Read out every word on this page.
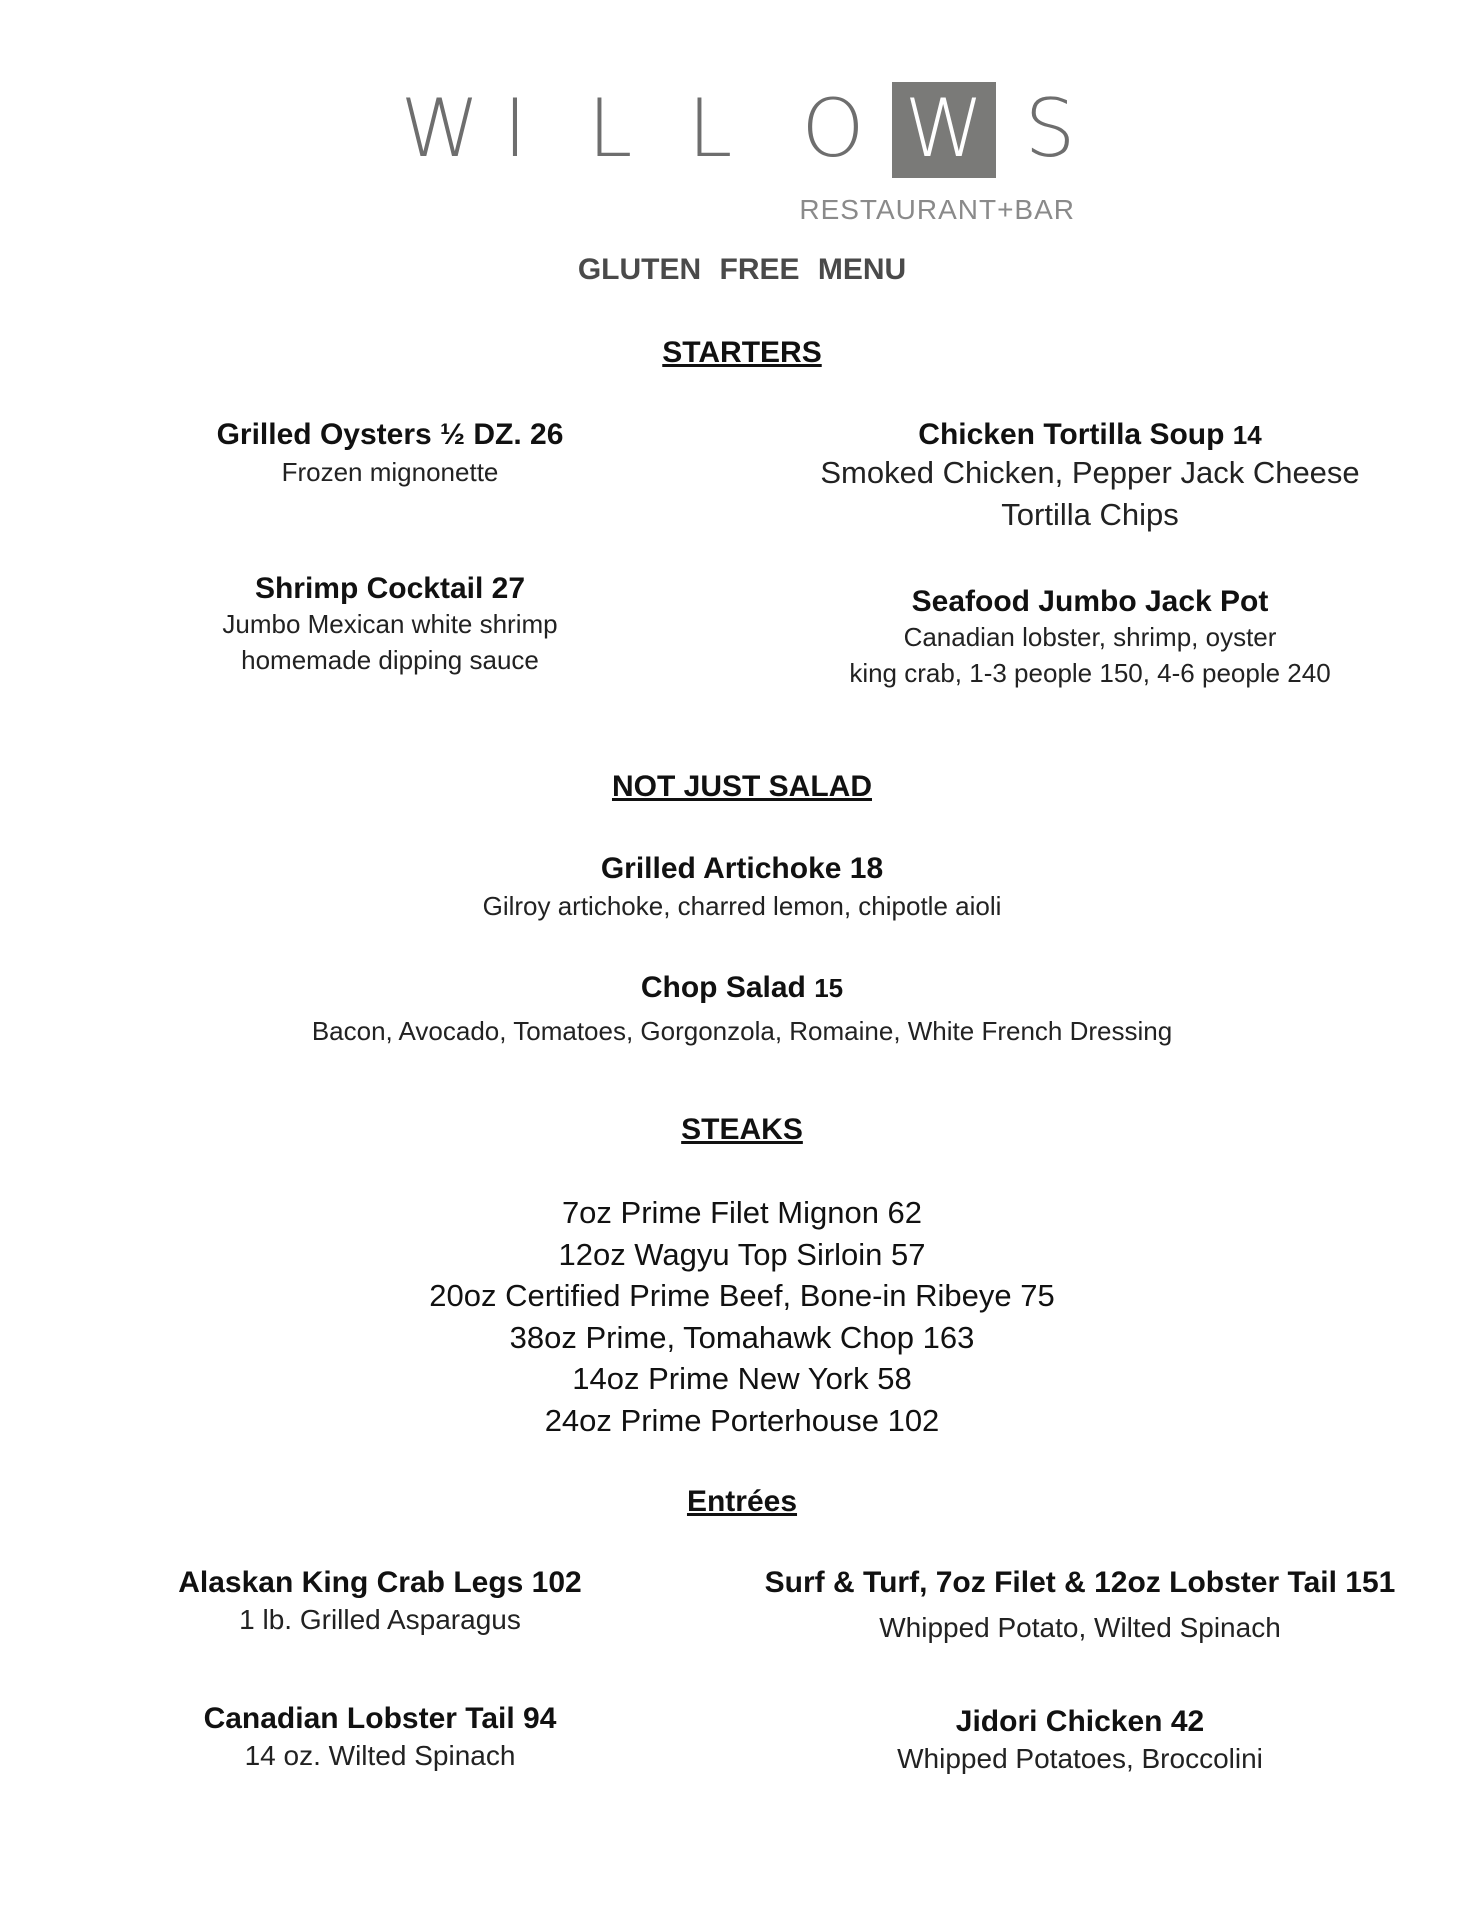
W I L L O W S
RESTAURANT+BAR
GLUTEN FREE MENU
STARTERS
Grilled Oysters ½ DZ. 26
Frozen mignonette
Chicken Tortilla Soup 14
Smoked Chicken, Pepper Jack Cheese
Tortilla Chips
Shrimp Cocktail 27
Jumbo Mexican white shrimp
homemade dipping sauce
Seafood Jumbo Jack Pot
Canadian lobster, shrimp, oyster
king crab, 1-3 people 150, 4-6 people 240
NOT JUST SALAD
Grilled Artichoke 18
Gilroy artichoke, charred lemon, chipotle aioli
Chop Salad 15
Bacon, Avocado, Tomatoes, Gorgonzola, Romaine, White French Dressing
STEAKS
7oz Prime Filet Mignon 62
12oz Wagyu Top Sirloin 57
20oz Certified Prime Beef, Bone-in Ribeye 75
38oz Prime, Tomahawk Chop 163
14oz Prime New York 58
24oz Prime Porterhouse 102
Entrées
Alaskan King Crab Legs 102
1 lb. Grilled Asparagus
Surf & Turf, 7oz Filet & 12oz Lobster Tail 151
Whipped Potato, Wilted Spinach
Canadian Lobster Tail 94
14 oz. Wilted Spinach
Jidori Chicken 42
Whipped Potatoes, Broccolini
